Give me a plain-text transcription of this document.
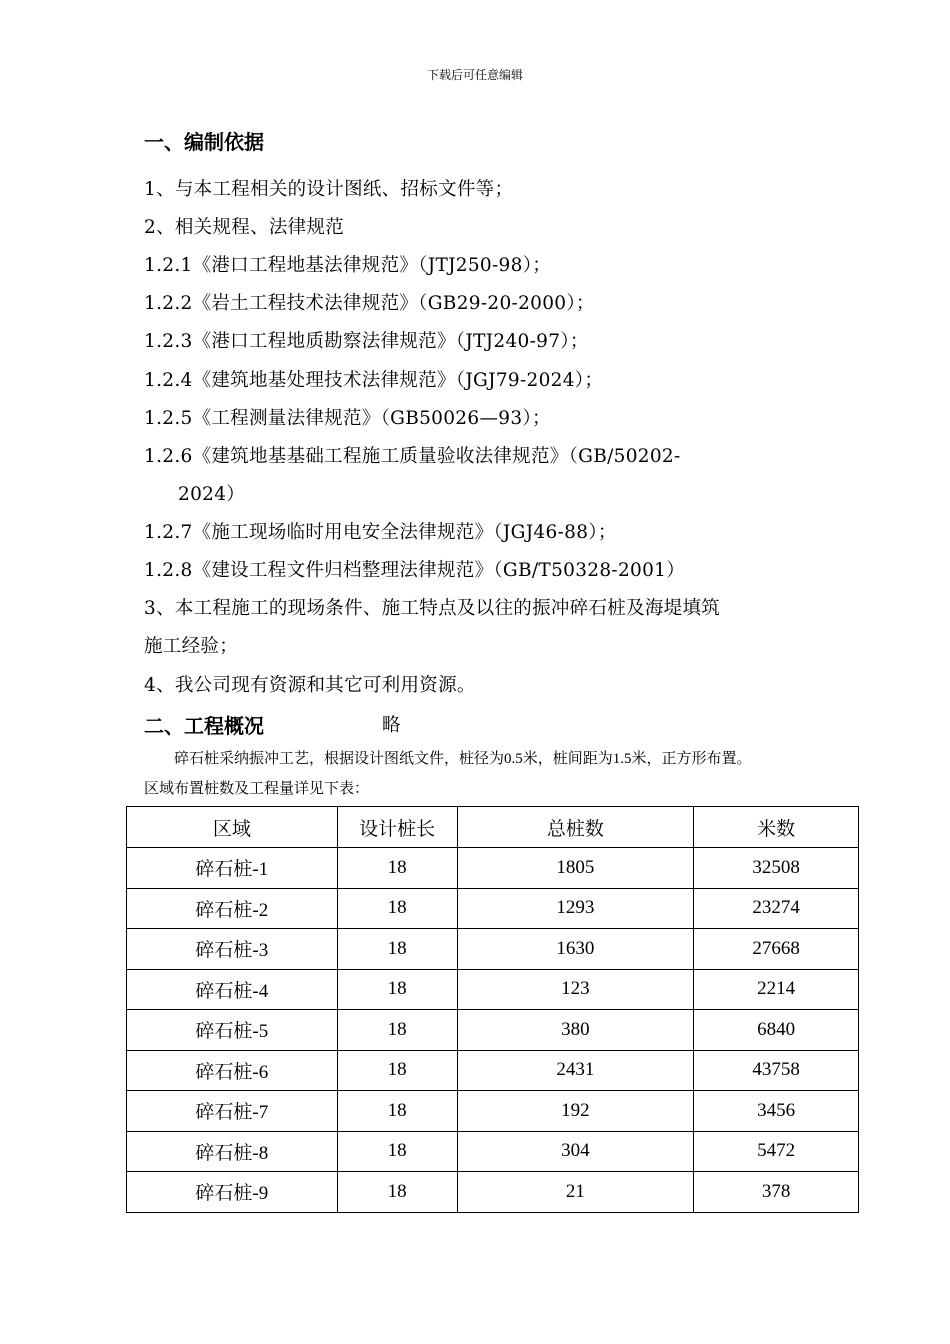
下载后可任意编辑
一、编制依据
1、与本工程相关的设计图纸、招标文件等；
2、相关规程、法律规范
1.2.1《港口工程地基法律规范》（JTJ250-98）；
1.2.2《岩土工程技术法律规范》（GB29-20-2000）；
1.2.3《港口工程地质勘察法律规范》（JTJ240-97）；
1.2.4《建筑地基处理技术法律规范》（JGJ79-2024）；
1.2.5《工程测量法律规范》（GB50026—93）；
1.2.6《建筑地基基础工程施工质量验收法律规范》（GB/50202-
2024）
1.2.7《施工现场临时用电安全法律规范》（JGJ46-88）；
1.2.8《建设工程文件归档整理法律规范》（GB/T50328-2001）
3、本工程施工的现场条件、施工特点及以往的振冲碎石桩及海堤填筑
施工经验；
4、我公司现有资源和其它可利用资源。
二、工程概况	略
碎石桩采纳振冲工艺，根据设计图纸文件，桩径为0.5米，桩间距为1.5米，正方形布置。
区域布置桩数及工程量详见下表：
区域	设计桩长	总桩数	米数
碎石桩-1	18	1805	32508
碎石桩-2	18	1293	23274
碎石桩-3	18	1630	27668
碎石桩-4	18	123	2214
碎石桩-5	18	380	6840
碎石桩-6	18	2431	43758
碎石桩-7	18	192	3456
碎石桩-8	18	304	5472
碎石桩-9	18	21	378
